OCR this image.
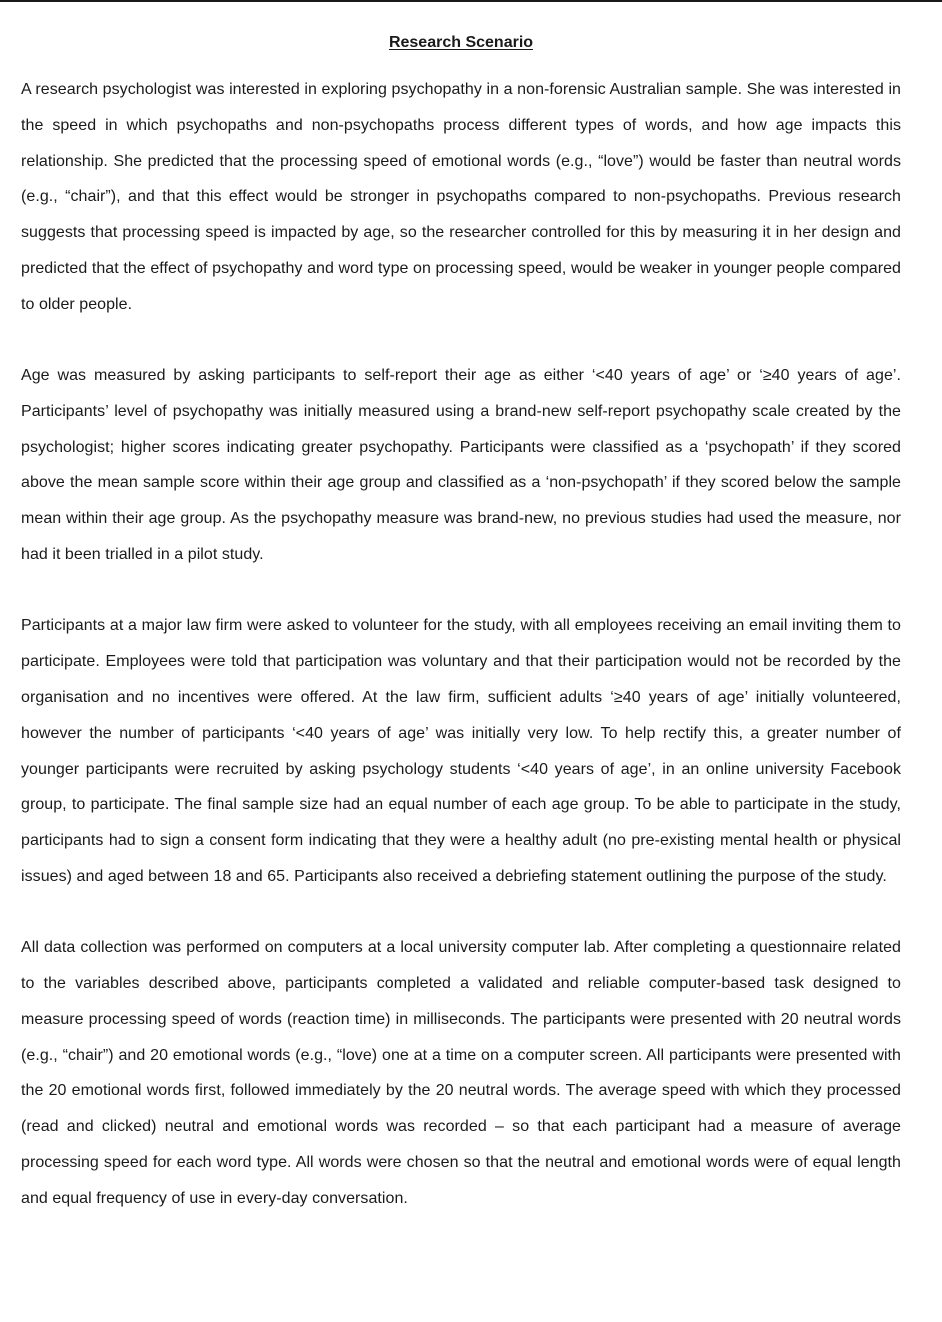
Research Scenario

A research psychologist was interested in exploring psychopathy in a non-forensic Australian sample. She was interested in the speed in which psychopaths and non-psychopaths process different types of words, and how age impacts this relationship. She predicted that the processing speed of emotional words (e.g., “love”) would be faster than neutral words (e.g., “chair”), and that this effect would be stronger in psychopaths compared to non-psychopaths. Previous research suggests that processing speed is impacted by age, so the researcher controlled for this by measuring it in her design and predicted that the effect of psychopathy and word type on processing speed, would be weaker in younger people compared to older people.

Age was measured by asking participants to self-report their age as either ‘<40 years of age’ or ‘≥40 years of age’. Participants’ level of psychopathy was initially measured using a brand-new self-report psychopathy scale created by the psychologist; higher scores indicating greater psychopathy. Participants were classified as a ‘psychopath’ if they scored above the mean sample score within their age group and classified as a ‘non-psychopath’ if they scored below the sample mean within their age group. As the psychopathy measure was brand-new, no previous studies had used the measure, nor had it been trialled in a pilot study.

Participants at a major law firm were asked to volunteer for the study, with all employees receiving an email inviting them to participate. Employees were told that participation was voluntary and that their participation would not be recorded by the organisation and no incentives were offered. At the law firm, sufficient adults ‘≥40 years of age’ initially volunteered, however the number of participants ‘<40 years of age’ was initially very low. To help rectify this, a greater number of younger participants were recruited by asking psychology students ‘<40 years of age’, in an online university Facebook group, to participate. The final sample size had an equal number of each age group. To be able to participate in the study, participants had to sign a consent form indicating that they were a healthy adult (no pre-existing mental health or physical issues) and aged between 18 and 65. Participants also received a debriefing statement outlining the purpose of the study.

All data collection was performed on computers at a local university computer lab. After completing a questionnaire related to the variables described above, participants completed a validated and reliable computer-based task designed to measure processing speed of words (reaction time) in milliseconds. The participants were presented with 20 neutral words (e.g., “chair”) and 20 emotional words (e.g., “love) one at a time on a computer screen. All participants were presented with the 20 emotional words first, followed immediately by the 20 neutral words. The average speed with which they processed (read and clicked) neutral and emotional words was recorded – so that each participant had a measure of average processing speed for each word type. All words were chosen so that the neutral and emotional words were of equal length and equal frequency of use in every-day conversation.
